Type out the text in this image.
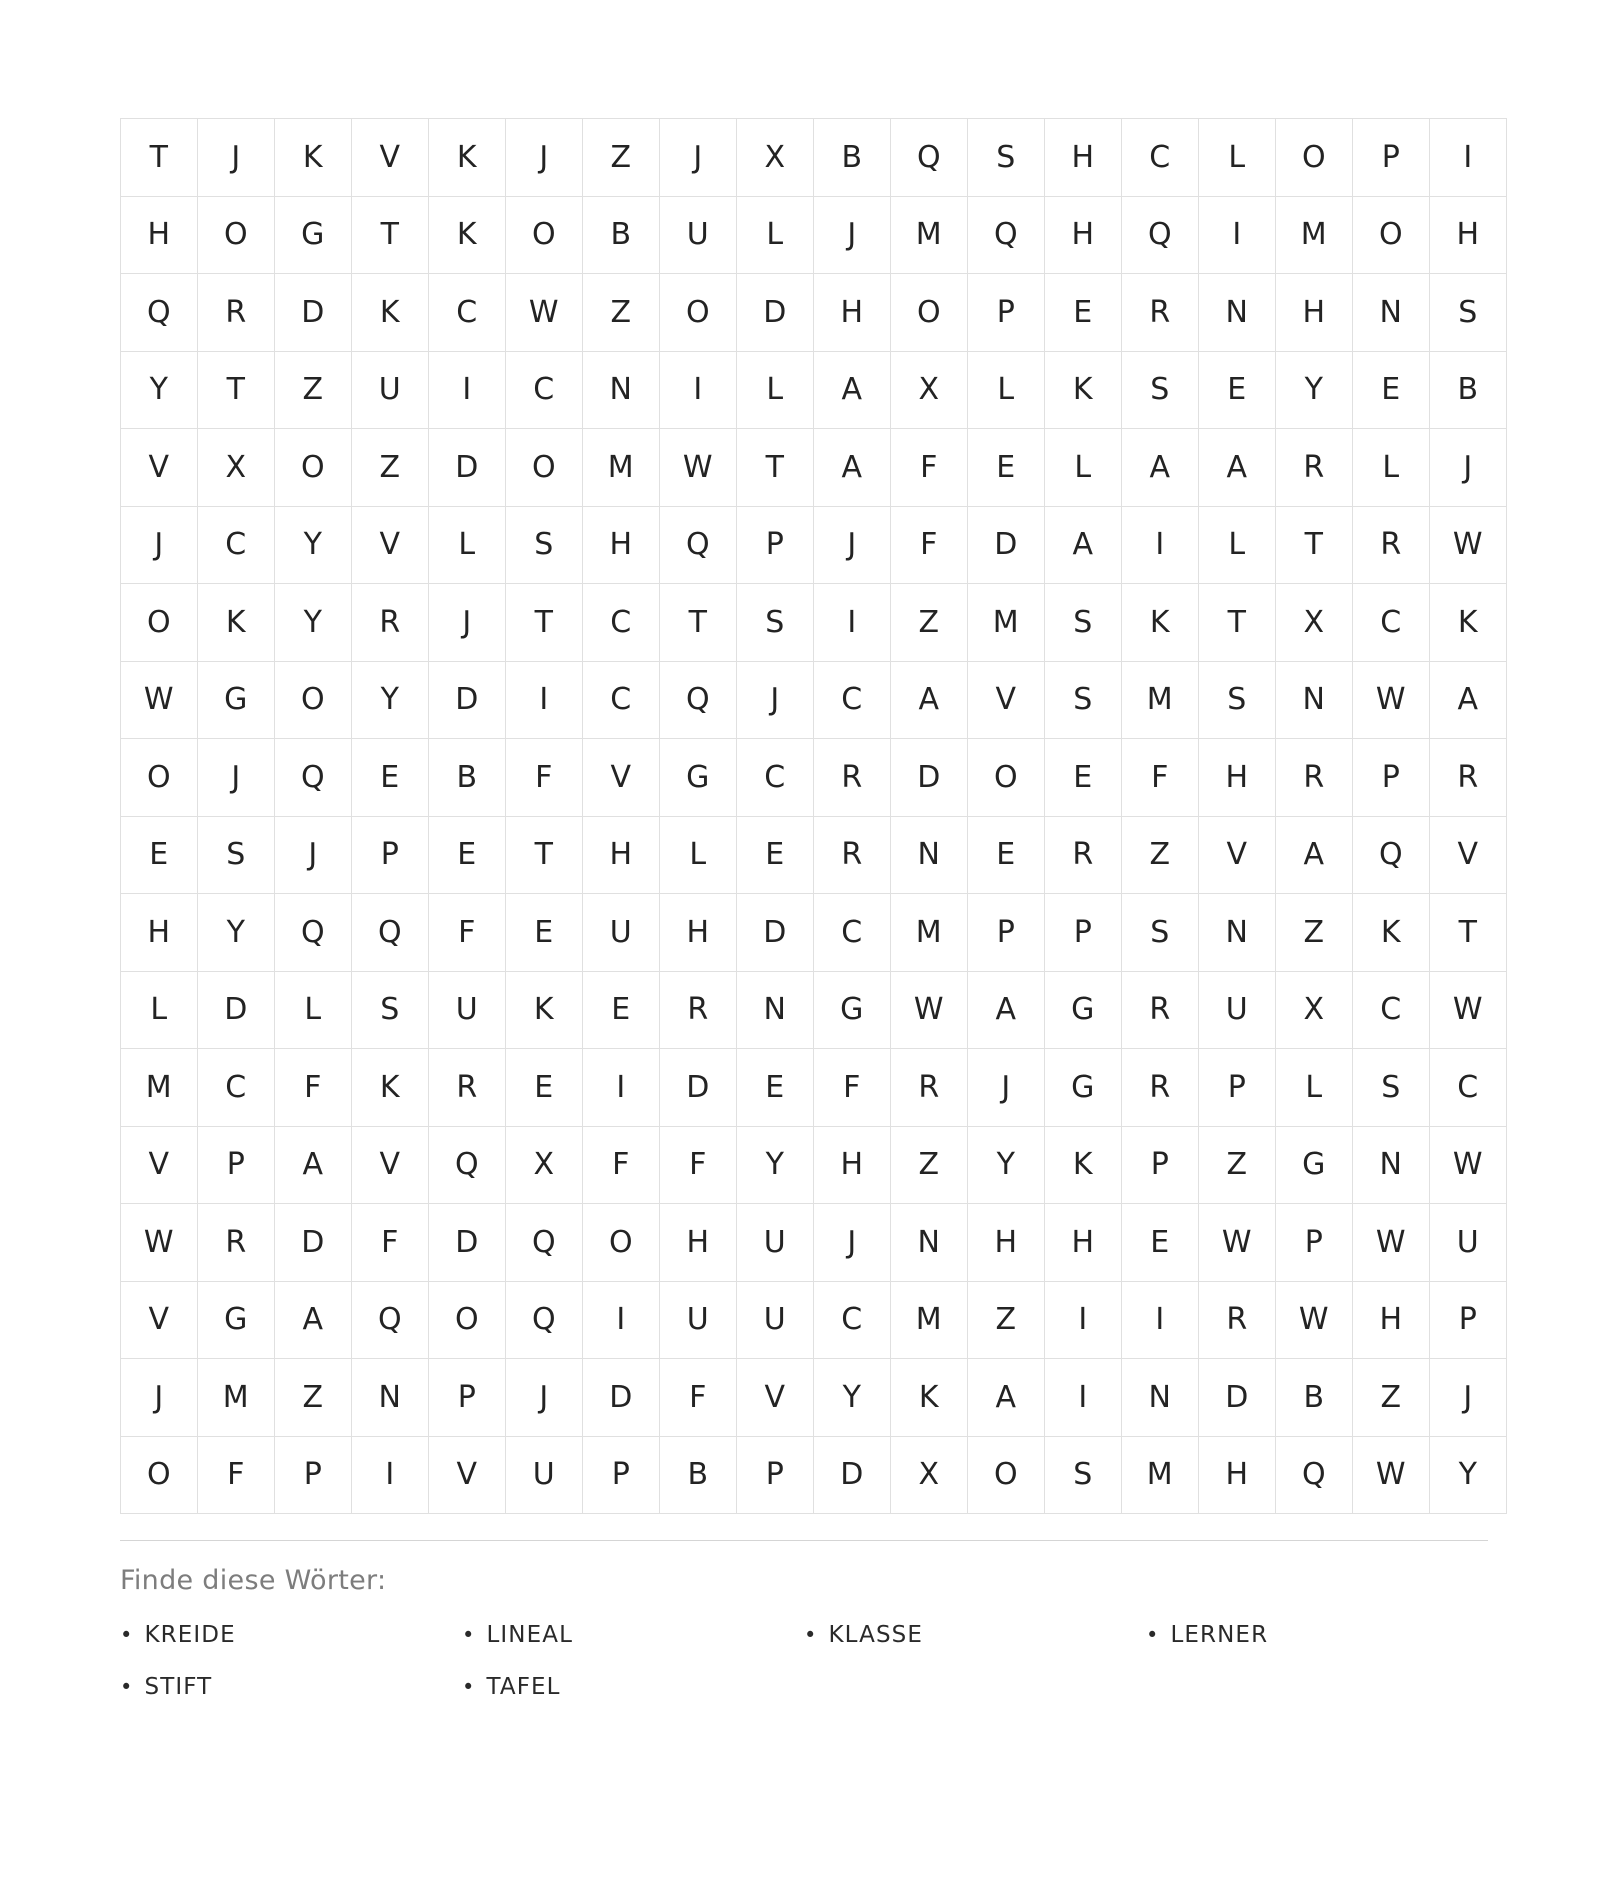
T	J	K	V	K	J	Z	J	X	B	Q	S	H	C	L	O	P	I
H	O	G	T	K	O	B	U	L	J	M	Q	H	Q	I	M	O	H
Q	R	D	K	C	W	Z	O	D	H	O	P	E	R	N	H	N	S
Y	T	Z	U	I	C	N	I	L	A	X	L	K	S	E	Y	E	B
V	X	O	Z	D	O	M	W	T	A	F	E	L	A	A	R	L	J
J	C	Y	V	L	S	H	Q	P	J	F	D	A	I	L	T	R	W
O	K	Y	R	J	T	C	T	S	I	Z	M	S	K	T	X	C	K
W	G	O	Y	D	I	C	Q	J	C	A	V	S	M	S	N	W	A
O	J	Q	E	B	F	V	G	C	R	D	O	E	F	H	R	P	R
E	S	J	P	E	T	H	L	E	R	N	E	R	Z	V	A	Q	V
H	Y	Q	Q	F	E	U	H	D	C	M	P	P	S	N	Z	K	T
L	D	L	S	U	K	E	R	N	G	W	A	G	R	U	X	C	W
M	C	F	K	R	E	I	D	E	F	R	J	G	R	P	L	S	C
V	P	A	V	Q	X	F	F	Y	H	Z	Y	K	P	Z	G	N	W
W	R	D	F	D	Q	O	H	U	J	N	H	H	E	W	P	W	U
V	G	A	Q	O	Q	I	U	U	C	M	Z	I	I	R	W	H	P
J	M	Z	N	P	J	D	F	V	Y	K	A	I	N	D	B	Z	J
O	F	P	I	V	U	P	B	P	D	X	O	S	M	H	Q	W	Y
Finde diese Wörter:
• KREIDE	• LINEAL	• KLASSE	• LERNER
• STIFT	• TAFEL
